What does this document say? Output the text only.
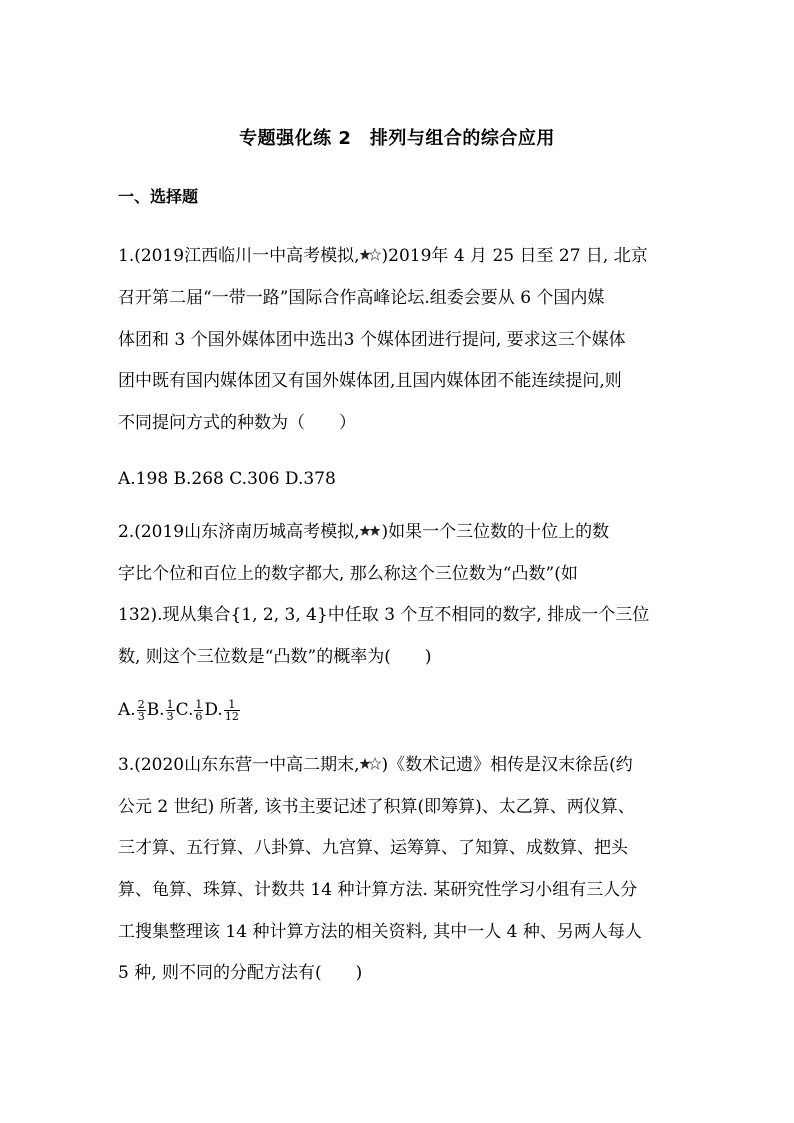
专题强化练 2　排列与组合的综合应用
一、选择题
1.(2019江西临川一中高考模拟, )2019年 4 月 25 日至 27 日, 北京
召开第二届“一带一路”国际合作高峰论坛.组委会要从 6 个国内媒
体团和 3 个国外媒体团中选出3 个媒体团进行提问, 要求这三个媒体
团中既有国内媒体团又有国外媒体团,且国内媒体团不能连续提问,则
不同提问方式的种数为（　　）
A.198 B.268 C.306 D.378
2.(2019山东济南历城高考模拟, )如果一个三位数的十位上的数
字比个位和百位上的数字都大, 那么称这个三位数为“凸数”(如
132).现从集合{1, 2, 3, 4}中任取 3 个互不相同的数字, 排成一个三位
数, 则这个三位数是“凸数”的概率为(　　)
A. $\frac{2}{3} B$. $\frac{1}{3} C$. $\frac{1}{6} D$. $\frac{1}{12}$
3.(2020山东东营一中高二期末, )《数术记遗》相传是汉末徐岳(约
公元 2 世纪) 所著, 该书主要记述了积算(即筹算)、太乙算、两仪算、
三才算、五行算、八卦算、九宫算、运筹算、了知算、成数算、把头
算、龟算、珠算、计数共 14 种计算方法. 某研究性学习小组有三人分
工搜集整理该 14 种计算方法的相关资料, 其中一人 4 种、另两人每人
5 种, 则不同的分配方法有(　　)
